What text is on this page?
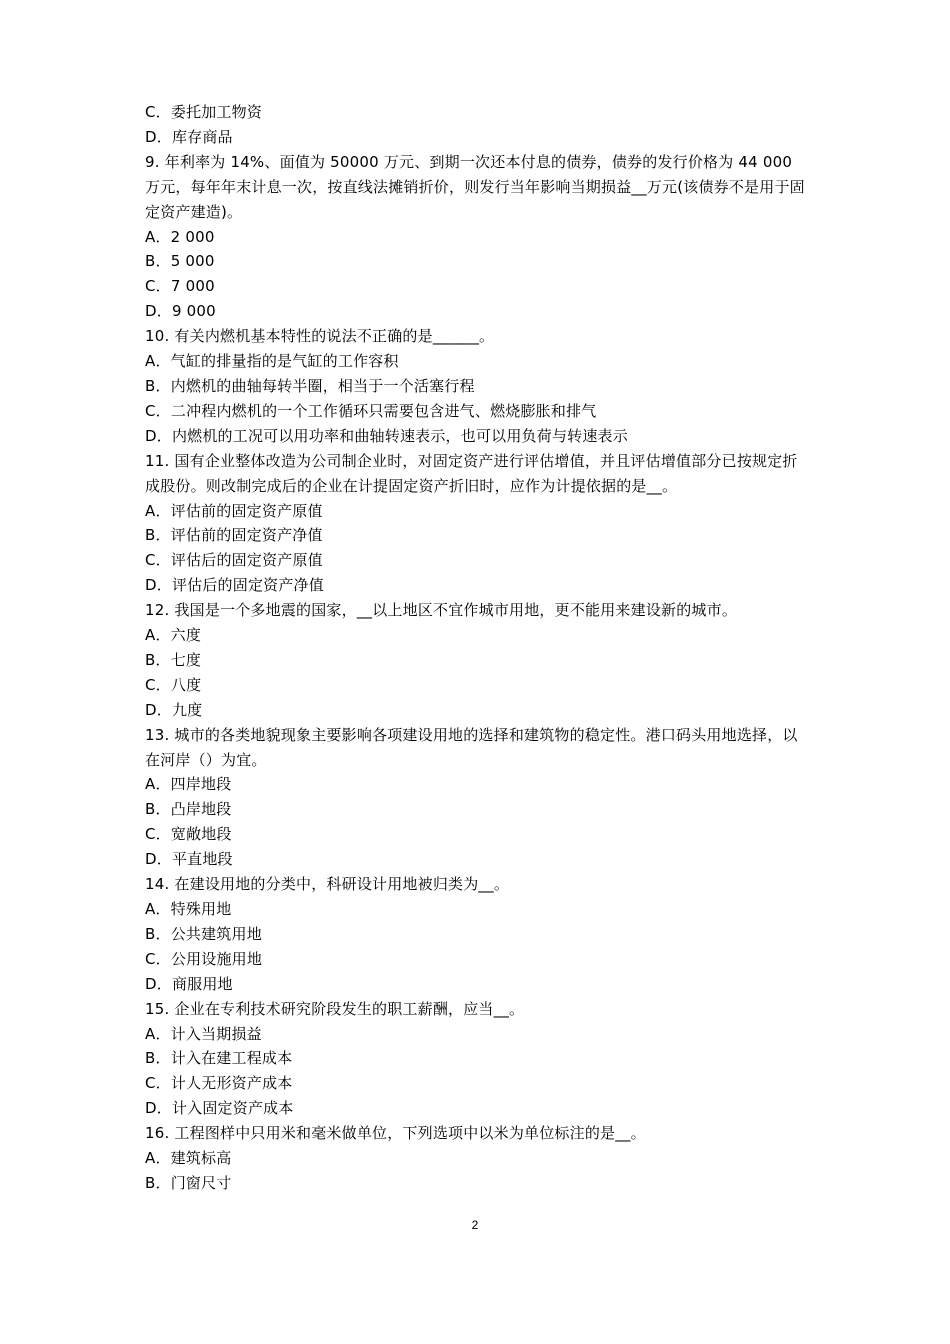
C．委托加工物资

D．库存商品

9. 年利率为 14%、面值为 50000 万元、到期一次还本付息的债券，债券的发行价格为 44 000 万元，每年年末计息一次，按直线法摊销折价，则发行当年影响当期损益__万元(该债券不是用于固定资产建造)。

A．2 000

B．5 000

C．7 000

D．9 000

10. 有关内燃机基本特性的说法不正确的是______。

A．气缸的排量指的是气缸的工作容积

B．内燃机的曲轴每转半圈，相当于一个活塞行程

C．二冲程内燃机的一个工作循环只需要包含进气、燃烧膨胀和排气

D．内燃机的工况可以用功率和曲轴转速表示，也可以用负荷与转速表示

11. 国有企业整体改造为公司制企业时，对固定资产进行评估增值，并且评估增值部分已按规定折成股份。则改制完成后的企业在计提固定资产折旧时，应作为计提依据的是__。

A．评估前的固定资产原值

B．评估前的固定资产净值

C．评估后的固定资产原值

D．评估后的固定资产净值

12. 我国是一个多地震的国家，__以上地区不宜作城市用地，更不能用来建设新的城市。

A．六度

B．七度

C．八度

D．九度

13. 城市的各类地貌现象主要影响各项建设用地的选择和建筑物的稳定性。港口码头用地选择，以在河岸（）为宜。

A．四岸地段

B．凸岸地段

C．宽敞地段

D．平直地段

14. 在建设用地的分类中，科研设计用地被归类为__。

A．特殊用地

B．公共建筑用地

C．公用设施用地

D．商服用地

15. 企业在专利技术研究阶段发生的职工薪酬，应当__。

A．计入当期损益

B．计入在建工程成本

C．计人无形资产成本

D．计入固定资产成本

16. 工程图样中只用米和毫米做单位，下列选项中以米为单位标注的是__。

A．建筑标高

B．门窗尺寸

2
